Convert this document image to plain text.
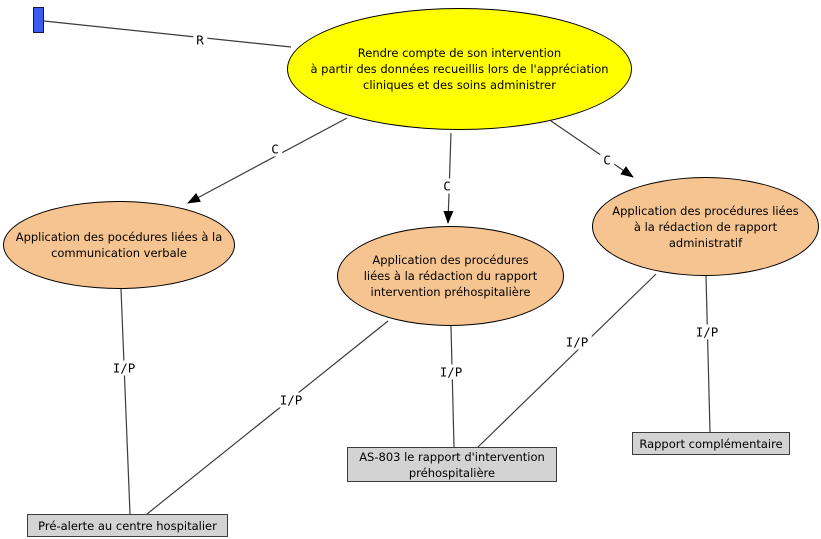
R
C
C
C
I/P
I/P
I/P
I/P
I/P
Rendre compte de son intervention
à partir des données recueillis lors de l'appréciation
cliniques et des soins administrer
Application des pocédures liées à la
communication verbale	Application des procédures
liées à la rédaction du rapport
intervention préhospitalière
Application des procédures liées
à la rédaction de rapport
administratif
Pré-alerte au centre hospitalier
AS-803 le rapport d'intervention
préhospitalière
Rapport complémentaire
